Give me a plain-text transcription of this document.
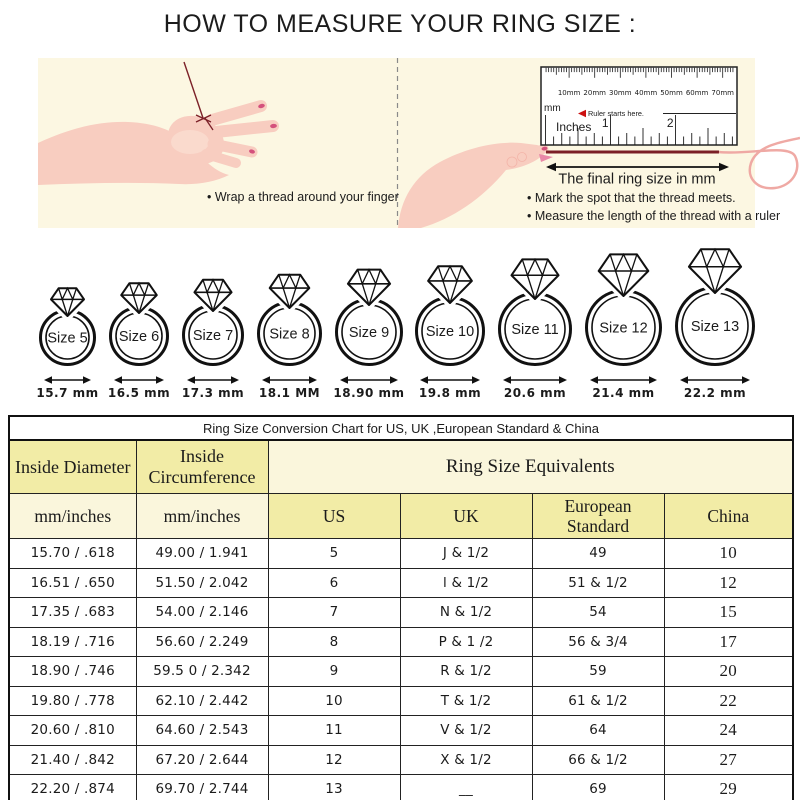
HOW TO MEASURE YOUR RING SIZE :
• Wrap a thread around your finger
10mm 20mm 30mm 40mm 50mm 60mm 70mm
1	2
mm	Ruler starts here.
Inches
The final ring size in mm
• Mark the spot that the thread meets.
• Measure the length of the thread with a ruler
Size 5
15.7 mm
Size 6
16.5 mm
Size 7
17.3 mm
Size 8
18.1 MM
Size 9
18.90 mm
Size 10
19.8 mm
Size 11
20.6 mm
Size 12
21.4 mm
Size 13
22.2 mm
Ring Size Conversion Chart for US, UK ,European Standard & China					
Inside Diameter	Inside Circumference	Ring Size Equivalents			
mm/inches	mm/inches	US	UK	European Standard	China
15.70 / .618	49.00 / 1.941	5	J & 1/2	49	10
16.51 / .650	51.50 / 2.042	6	l & 1/2	51 & 1/2	12
17.35 / .683	54.00 / 2.146	7	N & 1/2	54	15
18.19 / .716	56.60 / 2.249	8	P & 1 /2	56 & 3/4	17
18.90 / .746	59.5 0 / 2.342	9	R & 1/2	59	20
19.80 / .778	62.10 / 2.442	10	T & 1/2	61 & 1/2	22
20.60 / .810	64.60 / 2.543	11	V & 1/2	64	24
21.40 / .842	67.20 / 2.644	12	X & 1/2	66 & 1/2	27
22.20 / .874	69.70 / 2.744	13	__	69	29
